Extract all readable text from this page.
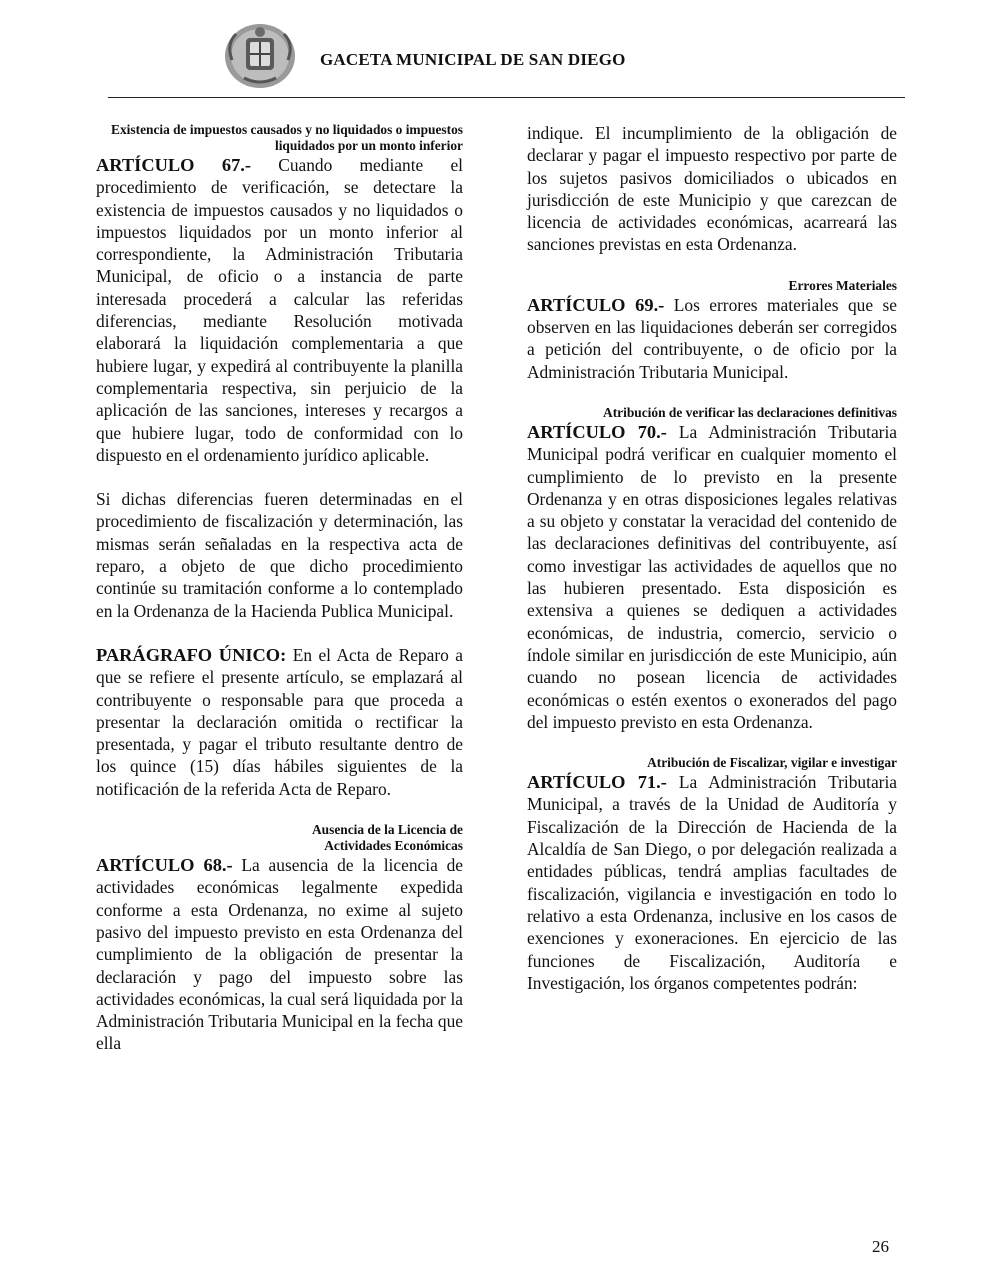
GACETA MUNICIPAL DE SAN DIEGO

Existencia de impuestos causados y no liquidados o impuestos liquidados por un monto inferior

ARTÍCULO 67.- Cuando mediante el procedimiento de verificación, se detectare la existencia de impuestos causados y no liquidados o impuestos liquidados por un monto inferior al correspondiente, la Administración Tributaria Municipal, de oficio o a instancia de parte interesada procederá a calcular las referidas diferencias, mediante Resolución motivada elaborará la liquidación complementaria a que hubiere lugar, y expedirá al contribuyente la planilla complementaria respectiva, sin perjuicio de la aplicación de las sanciones, intereses y recargos a que hubiere lugar, todo de conformidad con lo dispuesto en el ordenamiento jurídico aplicable.

Si dichas diferencias fueren determinadas en el procedimiento de fiscalización y determinación, las mismas serán señaladas en la respectiva acta de reparo, a objeto de que dicho procedimiento continúe su tramitación conforme a lo contemplado en la Ordenanza de la Hacienda Publica Municipal.

PARÁGRAFO ÚNICO: En el Acta de Reparo a que se refiere el presente artículo, se emplazará al contribuyente o responsable para que proceda a presentar la declaración omitida o rectificar la presentada, y pagar el tributo resultante dentro de los quince (15) días hábiles siguientes de la notificación de la referida Acta de Reparo.

Ausencia de la Licencia de
Actividades Económicas

ARTÍCULO 68.- La ausencia de la licencia de actividades económicas legalmente expedida conforme a esta Ordenanza, no exime al sujeto pasivo del impuesto previsto en esta Ordenanza del cumplimiento de la obligación de presentar la declaración y pago del impuesto sobre las actividades económicas, la cual será liquidada por la Administración Tributaria Municipal en la fecha que ella

indique. El incumplimiento de la obligación de declarar y pagar el impuesto respectivo por parte de los sujetos pasivos domiciliados o ubicados en jurisdicción de este Municipio y que carezcan de licencia de actividades económicas, acarreará las sanciones previstas en esta Ordenanza.

Errores Materiales

ARTÍCULO 69.- Los errores materiales que se observen en las liquidaciones deberán ser corregidos a petición del contribuyente, o de oficio por la Administración Tributaria Municipal.

Atribución de verificar las declaraciones definitivas

ARTÍCULO 70.- La Administración Tributaria Municipal podrá verificar en cualquier momento el cumplimiento de lo previsto en la presente Ordenanza y en otras disposiciones legales relativas a su objeto y constatar la veracidad del contenido de las declaraciones definitivas del contribuyente, así como investigar las actividades de aquellos que no las hubieren presentado. Esta disposición es extensiva a quienes se dediquen a actividades económicas, de industria, comercio, servicio o índole similar en jurisdicción de este Municipio, aún cuando no posean licencia de actividades económicas o estén exentos o exonerados del pago del impuesto previsto en esta Ordenanza.

Atribución de Fiscalizar, vigilar e investigar

ARTÍCULO 71.- La Administración Tributaria Municipal, a través de la Unidad de Auditoría y Fiscalización de la Dirección de Hacienda de la Alcaldía de San Diego, o por delegación realizada a entidades públicas, tendrá amplias facultades de fiscalización, vigilancia e investigación en todo lo relativo a esta Ordenanza, inclusive en los casos de exenciones y exoneraciones. En ejercicio de las funciones de Fiscalización, Auditoría e Investigación, los órganos competentes podrán:

26
